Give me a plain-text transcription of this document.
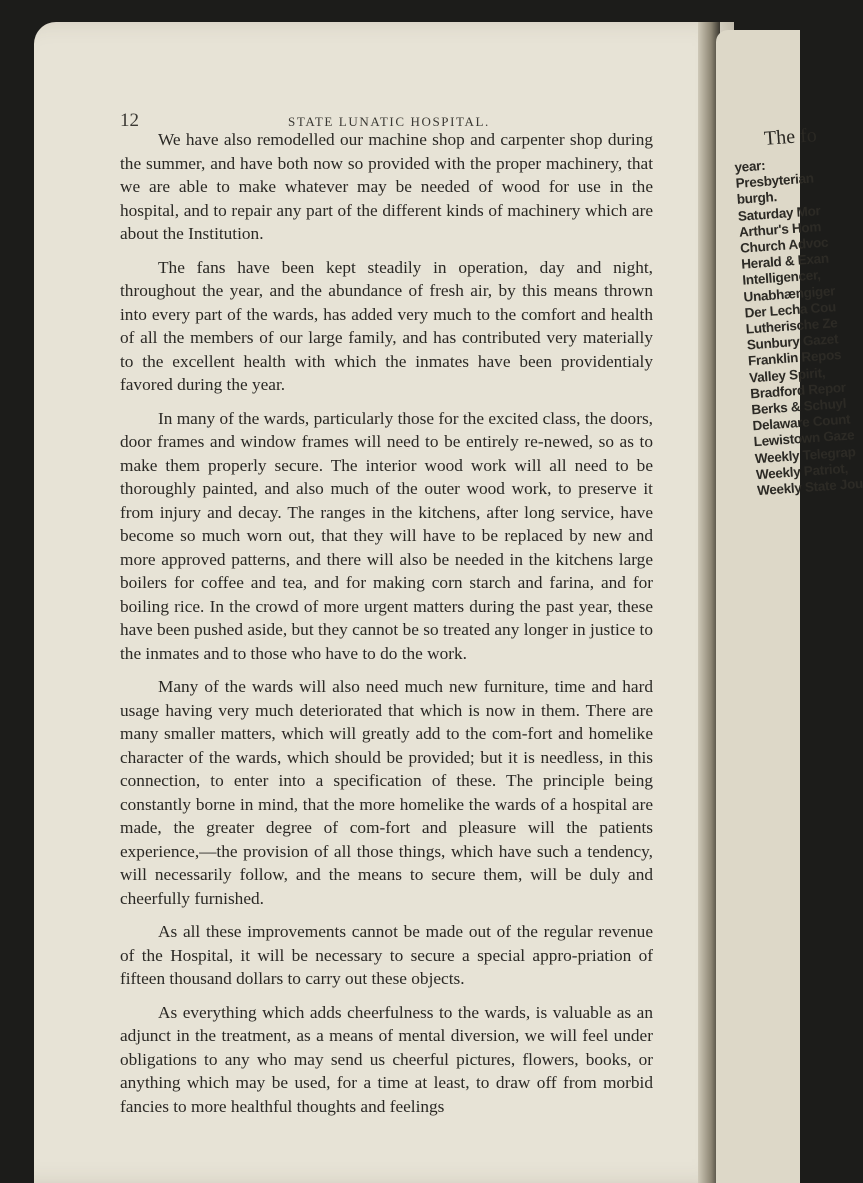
The fo
year:
Presbyterian
burgh.
Saturday Mor
Arthur's Hom
Church Advoc
Herald & Exan
Intelligencer,
Unabhængiger
Der Lecha Cou
Lutherische Ze
Sunbury Gazet
Franklin Repos
Valley Spirit,
Bradford Repor
Berks & Schuyl
Delaware Count
Lewistown Gaze
Weekly Telegrap
Weekly Patriot,
Weekly State Jou
12	STATE LUNATIC HOSPITAL.

We have also remodelled our machine shop and carpenter shop during the summer, and have both now so provided with the proper machinery, that we are able to make whatever may be needed of wood for use in the hospital, and to repair any part of the different kinds of machinery which are about the Institution.

The fans have been kept steadily in operation, day and night, throughout the year, and the abundance of fresh air, by this means thrown into every part of the wards, has added very much to the comfort and health of all the members of our large family, and has contributed very materially to the excellent health with which the inmates have been providentialy favored during the year.

In many of the wards, particularly those for the excited class, the doors, door frames and window frames will need to be entirely re-newed, so as to make them properly secure. The interior wood work will all need to be thoroughly painted, and also much of the outer wood work, to preserve it from injury and decay. The ranges in the kitchens, after long service, have become so much worn out, that they will have to be replaced by new and more approved patterns, and there will also be needed in the kitchens large boilers for coffee and tea, and for making corn starch and farina, and for boiling rice. In the crowd of more urgent matters during the past year, these have been pushed aside, but they cannot be so treated any longer in justice to the inmates and to those who have to do the work.

Many of the wards will also need much new furniture, time and hard usage having very much deteriorated that which is now in them. There are many smaller matters, which will greatly add to the com-fort and homelike character of the wards, which should be provided; but it is needless, in this connection, to enter into a specification of these. The principle being constantly borne in mind, that the more homelike the wards of a hospital are made, the greater degree of com-fort and pleasure will the patients experience,—the provision of all those things, which have such a tendency, will necessarily follow, and the means to secure them, will be duly and cheerfully furnished.

As all these improvements cannot be made out of the regular revenue of the Hospital, it will be necessary to secure a special appro-priation of fifteen thousand dollars to carry out these objects.

As everything which adds cheerfulness to the wards, is valuable as an adjunct in the treatment, as a means of mental diversion, we will feel under obligations to any who may send us cheerful pictures, flowers, books, or anything which may be used, for a time at least, to draw off from morbid fancies to more healthful thoughts and feelings
